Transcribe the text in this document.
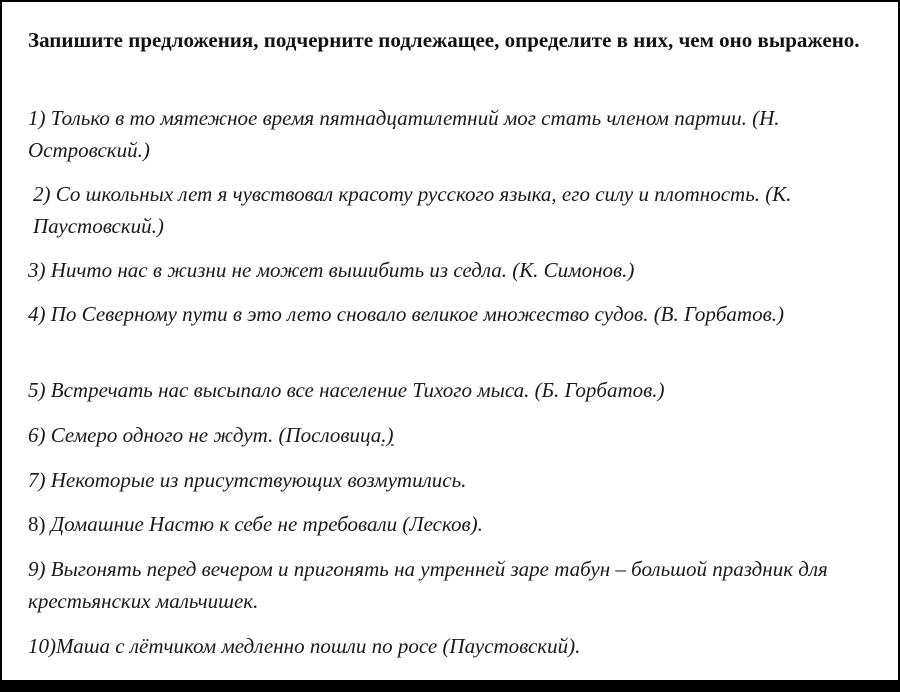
Запишите предложения, подчерните подлежащее, определите в них, чем оно выражено.
1) Только в то мятежное время пятнадцатилетний мог стать членом партии. (Н. Островский.)
2) Со школьных лет я чувствовал красоту русского языка, его силу и плотность. (К. Паустовский.)
3) Ничто нас в жизни не может вышибить из седла. (К. Симонов.)
4) По Северному пути в это лето сновало великое множество судов. (В. Горбатов.)
5) Встречать нас высыпало все население Тихого мыса. (Б. Горбатов.)
6) Семеро одного не ждут. (Пословица.)
7) Некоторые из присутствующих возмутились.
8) Домашние Настю к себе не требовали (Лесков).
9) Выгонять перед вечером и пригонять на утренней заре табун – большой праздник для крестьянских мальчишек.
10)Маша с лётчиком медленно пошли по росе (Паустовский).
